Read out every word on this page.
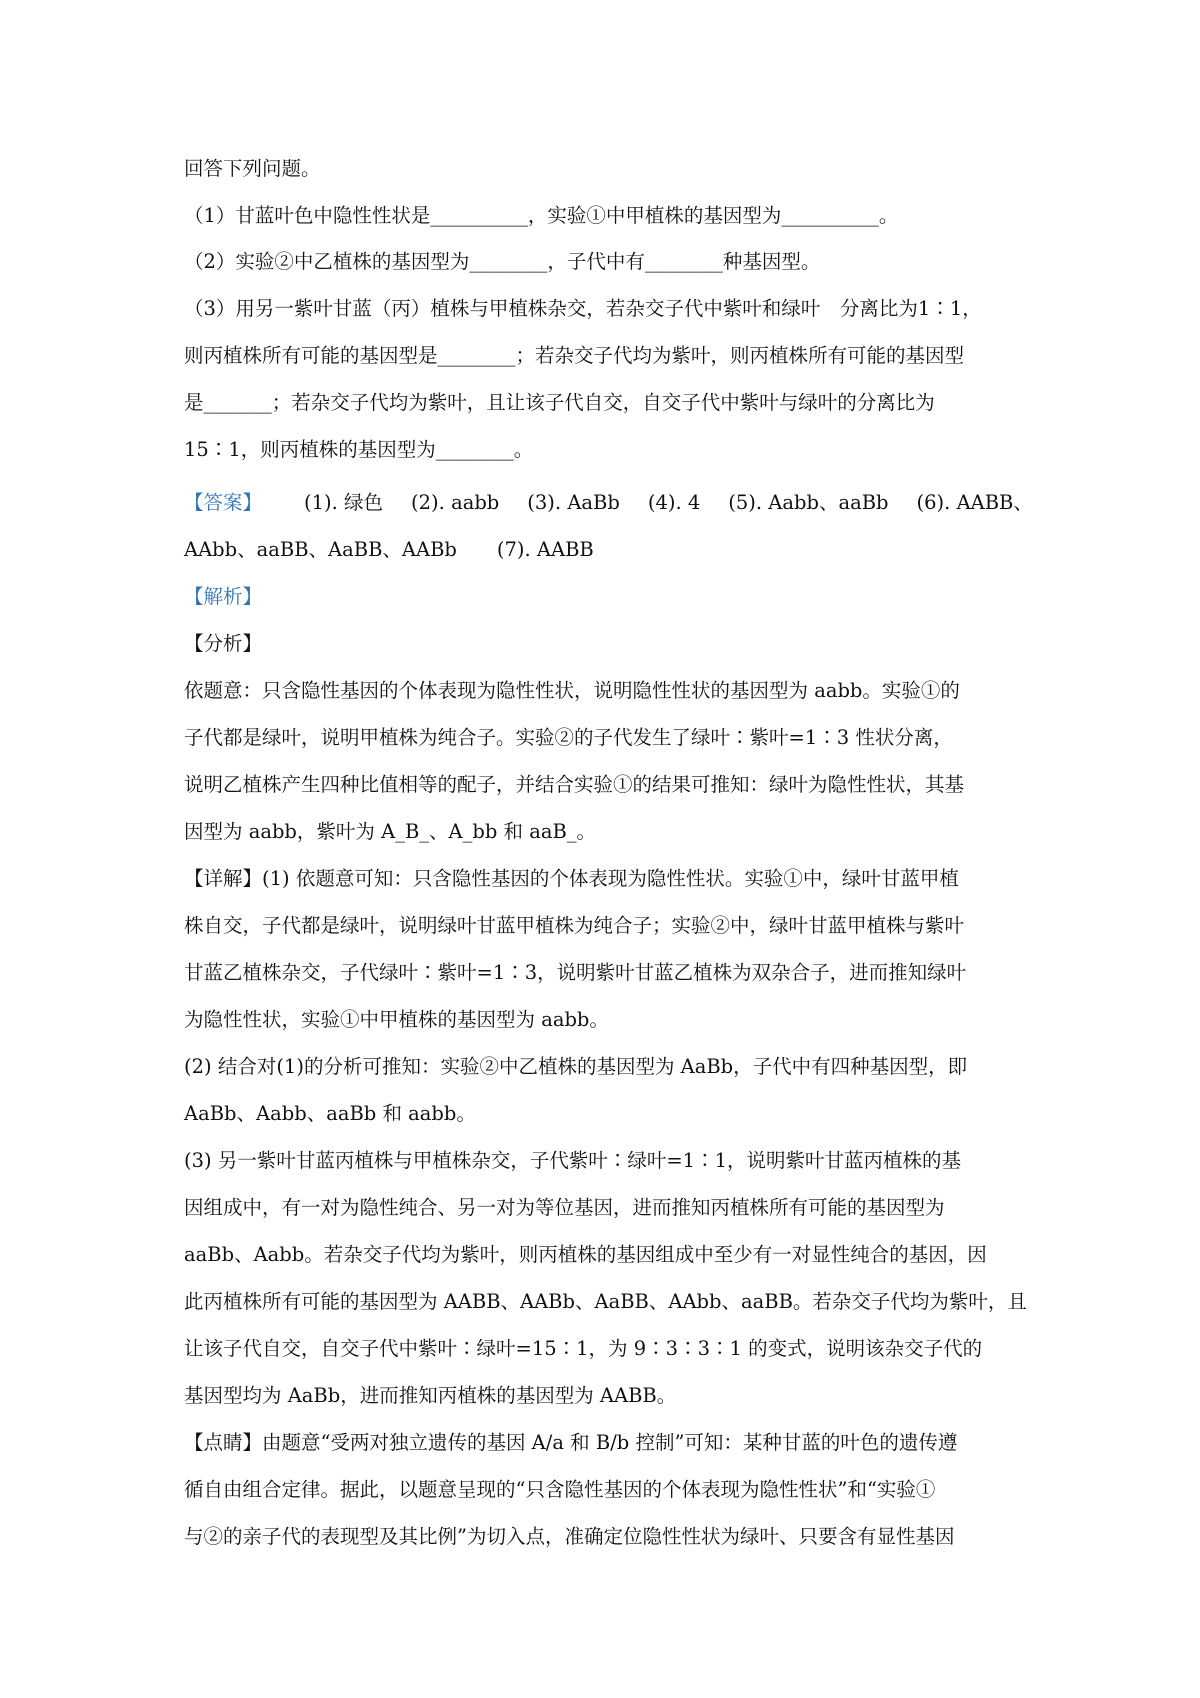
回答下列问题。

（1）甘蓝叶色中隐性性状是__________，实验①中甲植株的基因型为__________。

（2）实验②中乙植株的基因型为________，子代中有________种基因型。

（3）用另一紫叶甘蓝（丙）植株与甲植株杂交，若杂交子代中紫叶和绿叶　分离比为1∶1，

则丙植株所有可能的基因型是________；若杂交子代均为紫叶，则丙植株所有可能的基因型

是_______；若杂交子代均为紫叶，且让该子代自交，自交子代中紫叶与绿叶的分离比为

15∶1，则丙植株的基因型为________。

【答案】 (1). 绿色 (2). aabb (3). AaBb (4). 4 (5). Aabb、aaBb (6). AABB、

AAbb、aaBB、AaBB、AABb (7). AABB

【解析】

【分析】

依题意：只含隐性基因的个体表现为隐性性状，说明隐性性状的基因型为 aabb。实验①的

子代都是绿叶，说明甲植株为纯合子。实验②的子代发生了绿叶∶紫叶=1∶3 性状分离，

说明乙植株产生四种比值相等的配子，并结合实验①的结果可推知：绿叶为隐性性状，其基

因型为 aabb，紫叶为 A_B_、A_bb 和 aaB_。

【详解】(1) 依题意可知：只含隐性基因的个体表现为隐性性状。实验①中，绿叶甘蓝甲植

株自交，子代都是绿叶，说明绿叶甘蓝甲植株为纯合子；实验②中，绿叶甘蓝甲植株与紫叶

甘蓝乙植株杂交，子代绿叶∶紫叶=1∶3，说明紫叶甘蓝乙植株为双杂合子，进而推知绿叶

为隐性性状，实验①中甲植株的基因型为 aabb。

(2) 结合对(1)的分析可推知：实验②中乙植株的基因型为 AaBb，子代中有四种基因型，即

AaBb、Aabb、aaBb 和 aabb。

(3) 另一紫叶甘蓝丙植株与甲植株杂交，子代紫叶∶绿叶=1∶1，说明紫叶甘蓝丙植株的基

因组成中，有一对为隐性纯合、另一对为等位基因，进而推知丙植株所有可能的基因型为

aaBb、Aabb。若杂交子代均为紫叶，则丙植株的基因组成中至少有一对显性纯合的基因，因

此丙植株所有可能的基因型为 AABB、AABb、AaBB、AAbb、aaBB。若杂交子代均为紫叶，且

让该子代自交，自交子代中紫叶∶绿叶=15∶1，为 9∶3∶3∶1 的变式，说明该杂交子代的

基因型均为 AaBb，进而推知丙植株的基因型为 AABB。

【点睛】由题意“受两对独立遗传的基因 A/a 和 B/b 控制”可知：某种甘蓝的叶色的遗传遵

循自由组合定律。据此，以题意呈现的“只含隐性基因的个体表现为隐性性状”和“实验①

与②的亲子代的表现型及其比例”为切入点，准确定位隐性性状为绿叶、只要含有显性基因
